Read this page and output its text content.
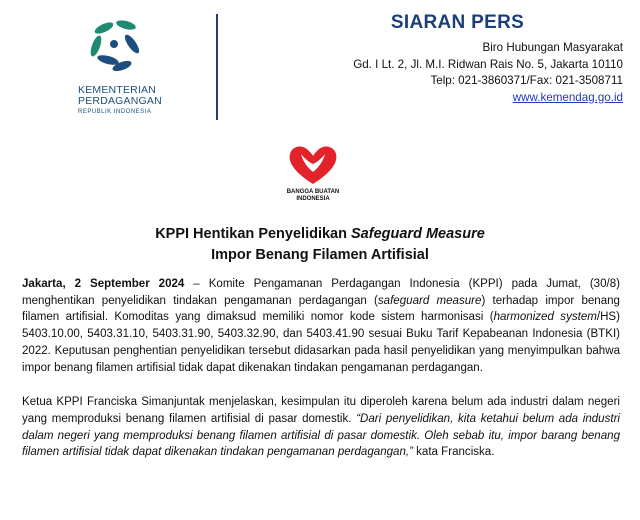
KEMENTERIAN
PERDAGANGAN
REPUBLIK INDONESIA
SIARAN PERS
Biro Hubungan Masyarakat
Gd. I Lt. 2, Jl. M.I. Ridwan Rais No. 5, Jakarta 10110
Telp: 021-3860371/Fax: 021-3508711
www.kemendag.go.id
BANGGA BUATAN
INDONESIA
KPPI Hentikan Penyelidikan Safeguard Measure
Impor Benang Filamen Artifisial

Jakarta, 2 September 2024 – Komite Pengamanan Perdagangan Indonesia (KPPI) pada Jumat, (30/8) menghentikan penyelidikan tindakan pengamanan perdagangan (safeguard measure) terhadap impor benang filamen artifisial. Komoditas yang dimaksud memiliki nomor kode sistem harmonisasi (harmonized system/HS) 5403.10.00, 5403.31.10, 5403.31.90, 5403.32.90, dan 5403.41.90 sesuai Buku Tarif Kepabeanan Indonesia (BTKI) 2022. Keputusan penghentian penyelidikan tersebut didasarkan pada hasil penyelidikan yang menyimpulkan bahwa impor benang filamen artifisial tidak dapat dikenakan tindakan pengamanan perdagangan.

Ketua KPPI Franciska Simanjuntak menjelaskan, kesimpulan itu diperoleh karena belum ada industri dalam negeri yang memproduksi benang filamen artifisial di pasar domestik. “Dari penyelidikan, kita ketahui belum ada industri dalam negeri yang memproduksi benang filamen artifisial di pasar domestik. Oleh sebab itu, impor barang benang filamen artifisial tidak dapat dikenakan tindakan pengamanan perdagangan,” kata Franciska.
